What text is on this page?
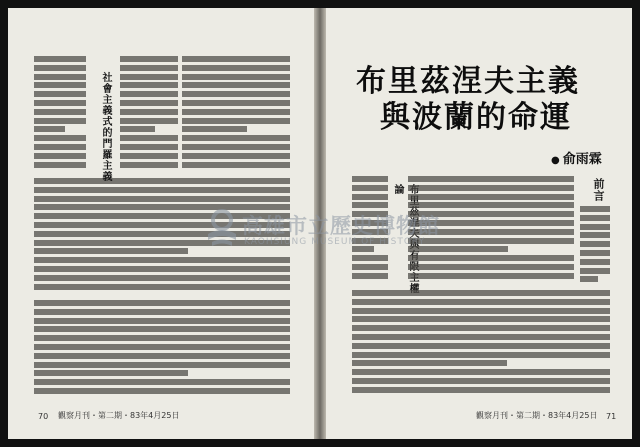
社會主義式的門羅主義
70 觀察月刊・第二期・83年4月25日
布里茲涅夫主義
與波蘭的命運
● 俞雨霖
里 與 主權論	前言
觀察月刊・第二期・83年4月25日 71
高雄市立歷史博物館
KAOHSIUNG MUSEUM OF HISTORY
